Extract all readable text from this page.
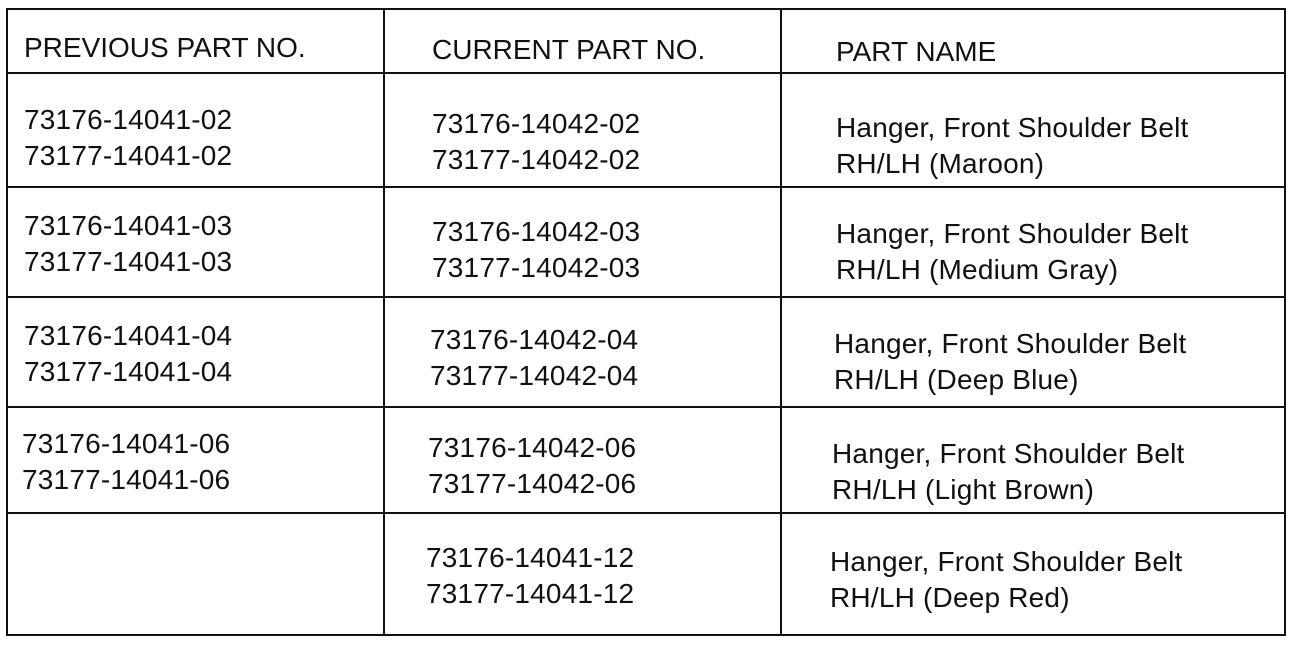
PREVIOUS PART NO.	CURRENT PART NO.	PART NAME
73176-14041-02
73177-14041-02
73176-14042-02
73177-14042-02
Hanger, Front Shoulder Belt
RH/LH (Maroon)
73176-14041-03
73177-14041-03
73176-14042-03
73177-14042-03
Hanger, Front Shoulder Belt
RH/LH (Medium Gray)
73176-14041-04
73177-14041-04
73176-14042-04
73177-14042-04
Hanger, Front Shoulder Belt
RH/LH (Deep Blue)
73176-14041-06
73177-14041-06
73176-14042-06
73177-14042-06
Hanger, Front Shoulder Belt
RH/LH (Light Brown)
73176-14041-12
73177-14041-12
Hanger, Front Shoulder Belt
RH/LH (Deep Red)
